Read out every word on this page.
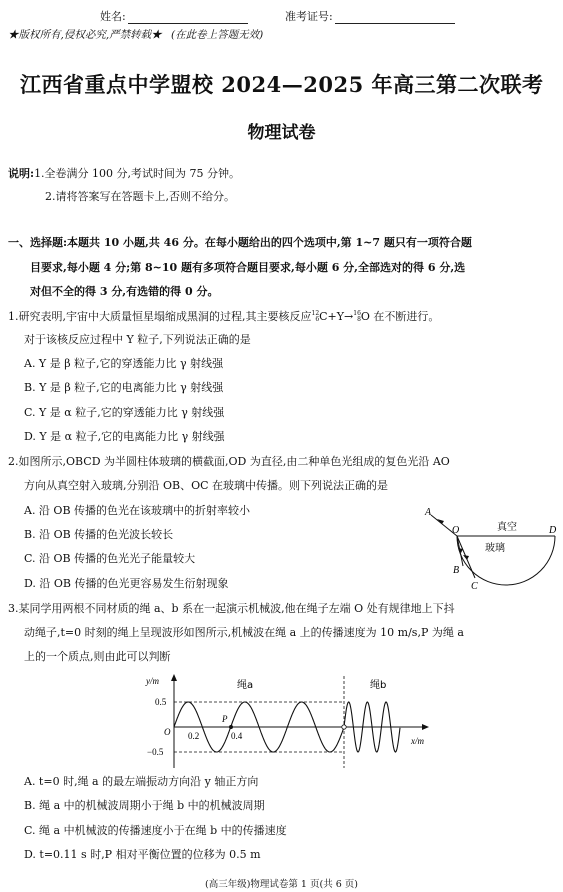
姓名:	准考证号:
★版权所有,侵权必究,严禁转载★ (在此卷上答题无效)
江西省重点中学盟校 2024—2025 年高三第二次联考
物理试卷
说明:1.全卷满分 100 分,考试时间为 75 分钟。
2.请将答案写在答题卡上,否则不给分。
一、选择题:本题共 10 小题,共 46 分。在每小题给出的四个选项中,第 1~7 题只有一项符合题
目要求,每小题 4 分;第 8~10 题有多项符合题目要求,每小题 6 分,全部选对的得 6 分,选
对但不全的得 3 分,有选错的得 0 分。
1.研究表明,宇宙中大质量恒星塌缩成黑洞的过程,其主要核反应 12
6 C+Y→ 16
8 O 在不断进行。
对于该核反应过程中 Y 粒子,下列说法正确的是
A. Y 是 β 粒子,它的穿透能力比 γ 射线强
B. Y 是 β 粒子,它的电离能力比 γ 射线强
C. Y 是 α 粒子,它的穿透能力比 γ 射线强
D. Y 是 α 粒子,它的电离能力比 γ 射线强
2.如图所示,OBCD 为半圆柱体玻璃的横截面,OD 为直径,由二种单色光组成的复色光沿 AO
方向从真空射入玻璃,分别沿 OB、OC 在玻璃中传播。则下列说法正确的是
A. 沿 OB 传播的色光在该玻璃中的折射率较小
B. 沿 OB 传播的色光波长较长
C. 沿 OB 传播的色光光子能量较大
D. 沿 OB 传播的色光更容易发生衍射现象
A
O	D
B
C
真空
玻璃
3.某同学用两根不同材质的绳 a、b 系在一起演示机械波,他在绳子左端 O 处有规律地上下抖
动绳子,t=0 时刻的绳上呈现波形如图所示,机械波在绳 a 上的传播速度为 10 m/s,P 为绳 a
上的一个质点,则由此可以判断
y/m
x/m
绳a	绳b
0.5
−0.5
O 0.2	0.4
P
A. t=0 时,绳 a 的最左端振动方向沿 y 轴正方向
B. 绳 a 中的机械波周期小于绳 b 中的机械波周期
C. 绳 a 中机械波的传播速度小于在绳 b 中的传播速度
D. t=0.11 s 时,P 相对平衡位置的位移为 0.5 m
(高三年级)物理试卷第 1 页(共 6 页)
